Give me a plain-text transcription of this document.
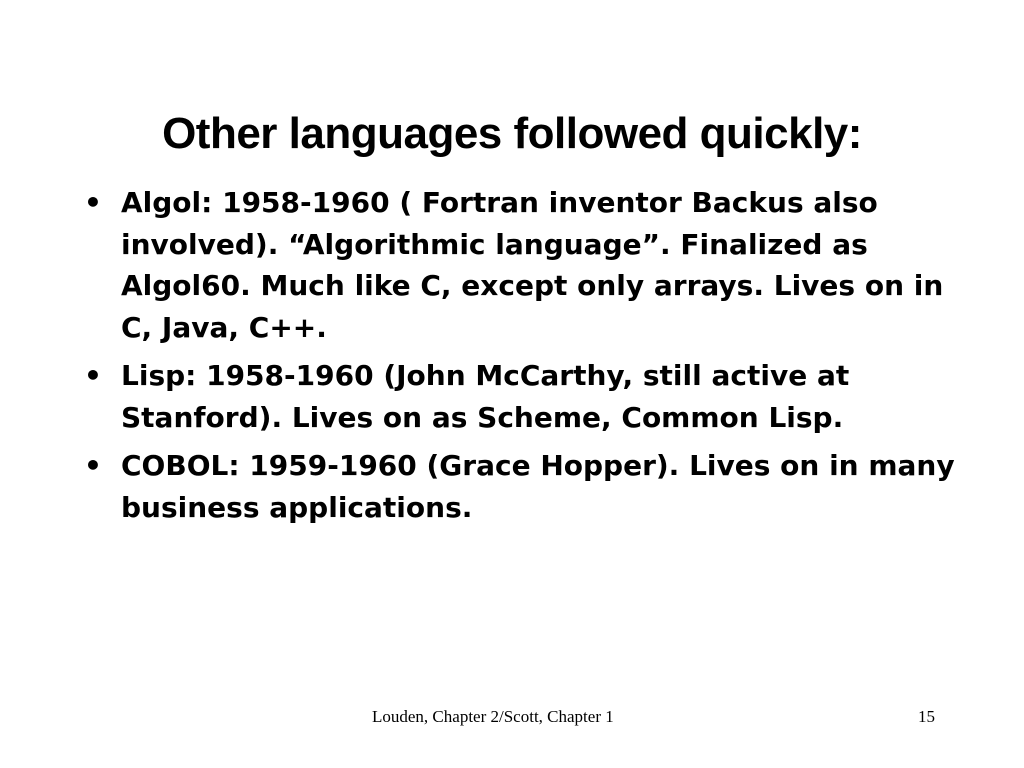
Other languages followed quickly:
• Algol: 1958-1960 ( Fortran inventor Backus also involved). “Algorithmic language”. Finalized as Algol60. Much like C, except only arrays. Lives on in C, Java, C++.
• Lisp: 1958-1960 (John McCarthy, still active at Stanford). Lives on as Scheme, Common Lisp.
• COBOL: 1959-1960 (Grace Hopper). Lives on in many business applications.
Louden, Chapter 2/Scott, Chapter 1	15
